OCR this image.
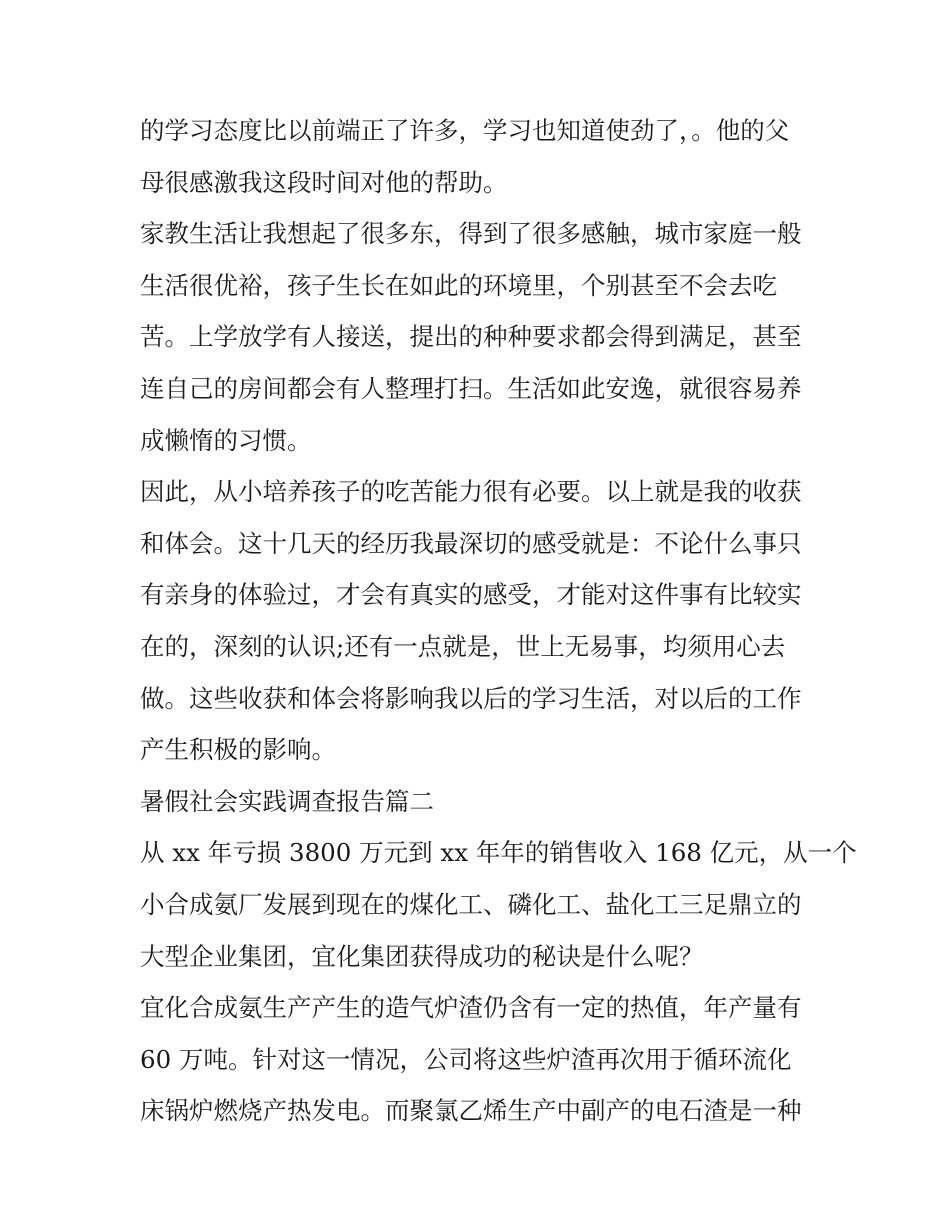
的学习态度比以前端正了许多，学习也知道使劲了，。他的父
母很感激我这段时间对他的帮助。
家教生活让我想起了很多东，得到了很多感触，城市家庭一般
生活很优裕，孩子生长在如此的环境里，个别甚至不会去吃
苦。上学放学有人接送，提出的种种要求都会得到满足，甚至
连自己的房间都会有人整理打扫。生活如此安逸，就很容易养
成懒惰的习惯。
因此，从小培养孩子的吃苦能力很有必要。以上就是我的收获
和体会。这十几天的经历我最深切的感受就是：不论什么事只
有亲身的体验过，才会有真实的感受，才能对这件事有比较实
在的，深刻的认识;还有一点就是，世上无易事，均须用心去
做。这些收获和体会将影响我以后的学习生活，对以后的工作
产生积极的影响。
暑假社会实践调查报告篇二
从 xx 年亏损 3800 万元到 xx 年年的销售收入 168 亿元，从一个
小合成氨厂发展到现在的煤化工、磷化工、盐化工三足鼎立的
大型企业集团，宜化集团获得成功的秘诀是什么呢？
宜化合成氨生产产生的造气炉渣仍含有一定的热值，年产量有
60 万吨。针对这一情况，公司将这些炉渣再次用于循环流化
床锅炉燃烧产热发电。而聚氯乙烯生产中副产的电石渣是一种
